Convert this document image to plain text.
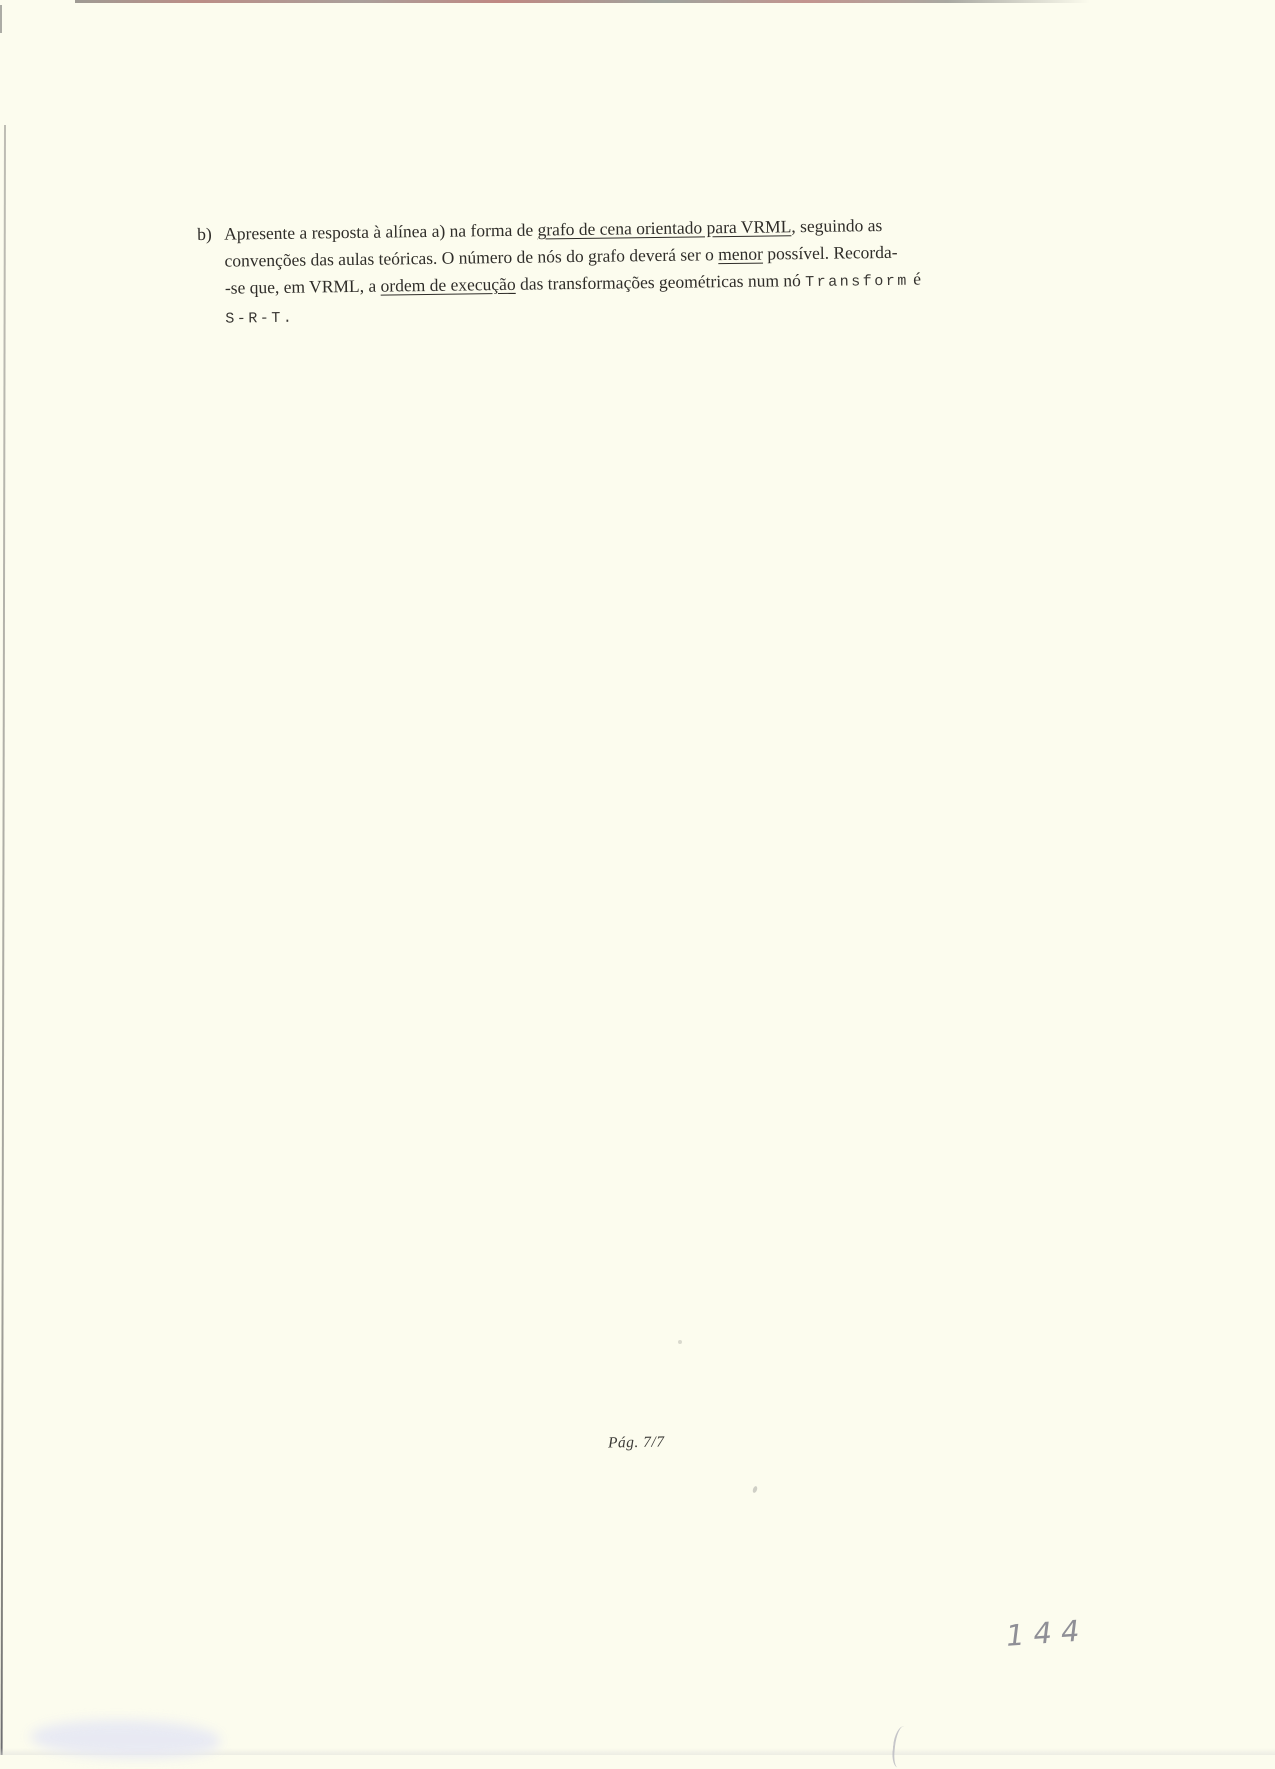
b) Apresente a resposta à alínea a) na forma de grafo de cena orientado para VRML, seguindo as
convenções das aulas teóricas. O número de nós do grafo deverá ser o menor possível. Recorda-
-se que, em VRML, a ordem de execução das transformações geométricas num nó Transform é
S-R-T.
Pág. 7/7
144
